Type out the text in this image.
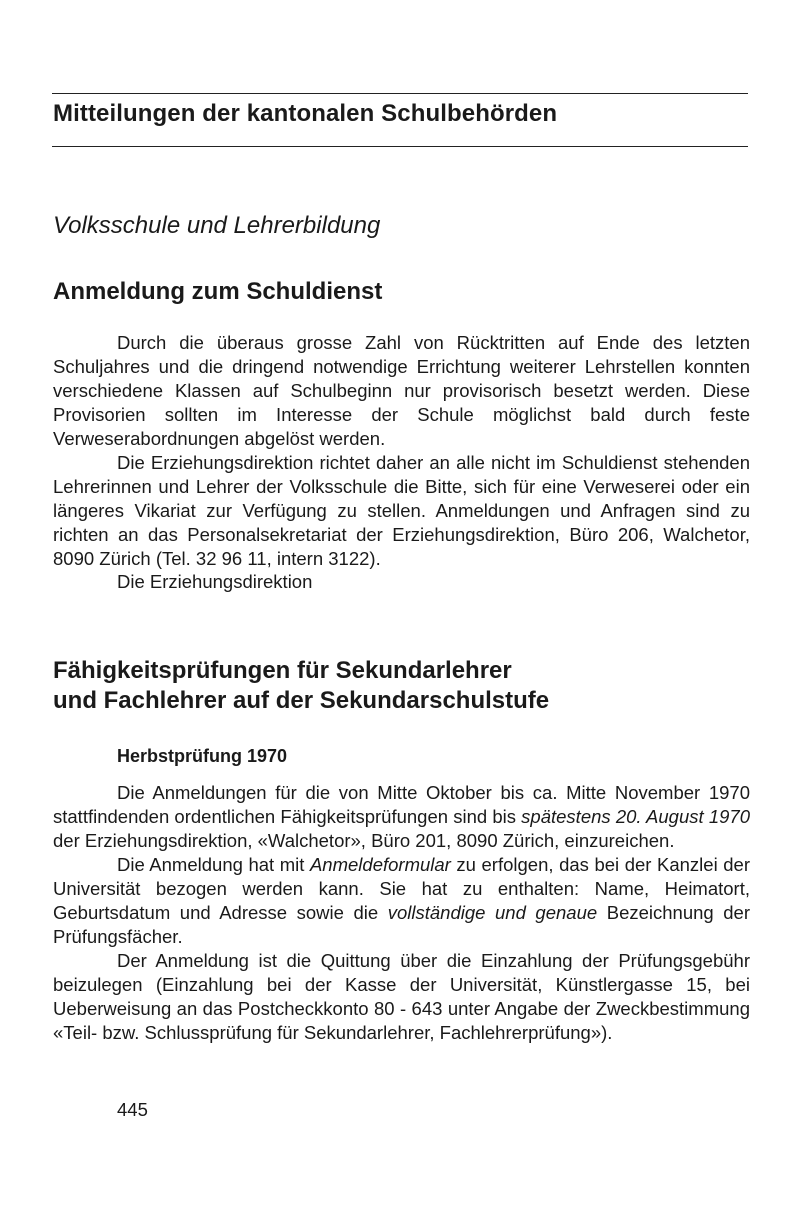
Mitteilungen der kantonalen Schulbehörden
Volksschule und Lehrerbildung
Anmeldung zum Schuldienst

Durch die überaus grosse Zahl von Rücktritten auf Ende des letzten Schuljahres und die dringend notwendige Errichtung weiterer Lehrstellen konnten verschiedene Klassen auf Schulbeginn nur provisorisch besetzt werden. Diese Provisorien sollten im Interesse der Schule möglichst bald durch feste Verweserabordnungen abgelöst werden.

Die Erziehungsdirektion richtet daher an alle nicht im Schuldienst stehenden Lehrerinnen und Lehrer der Volksschule die Bitte, sich für eine Verweserei oder ein längeres Vikariat zur Verfügung zu stellen. Anmeldungen und Anfragen sind zu richten an das Personalsekretariat der Erziehungsdirektion, Büro 206, Walchetor, 8090 Zürich (Tel. 32 96 11, intern 3122).

Die Erziehungsdirektion
Fähigkeitsprüfungen für Sekundarlehrer
und Fachlehrer auf der Sekundarschulstufe
Herbstprüfung 1970

Die Anmeldungen für die von Mitte Oktober bis ca. Mitte November 1970 stattfindenden ordentlichen Fähigkeitsprüfungen sind bis spätestens 20. August 1970 der Erziehungsdirektion, «Walchetor», Büro 201, 8090 Zürich, einzureichen.

Die Anmeldung hat mit Anmeldeformular zu erfolgen, das bei der Kanzlei der Universität bezogen werden kann. Sie hat zu enthalten: Name, Heimatort, Geburtsdatum und Adresse sowie die vollständige und genaue Bezeichnung der Prüfungsfächer.

Der Anmeldung ist die Quittung über die Einzahlung der Prüfungsgebühr beizulegen (Einzahlung bei der Kasse der Universität, Künstlergasse 15, bei Ueberweisung an das Postcheckkonto 80 - 643 unter Angabe der Zweckbestimmung «Teil- bzw. Schlussprüfung für Sekundarlehrer, Fachlehrerprüfung»).

445
